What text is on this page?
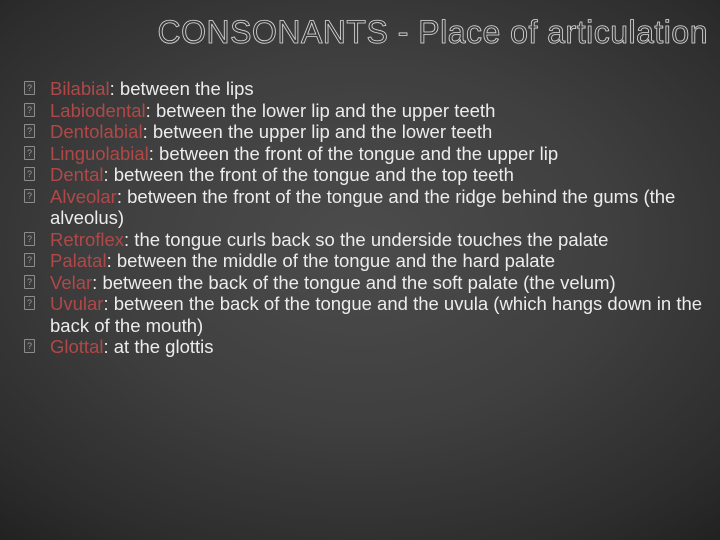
CONSONANTS - Place of articulation
? Bilabial: between the lips
? Labiodental: between the lower lip and the upper teeth
? Dentolabial: between the upper lip and the lower teeth
? Linguolabial: between the front of the tongue and the upper lip
? Dental: between the front of the tongue and the top teeth
? Alveolar: between the front of the tongue and the ridge behind the gums (the alveolus)
? Retroflex: the tongue curls back so the underside touches the palate
? Palatal: between the middle of the tongue and the hard palate
? Velar: between the back of the tongue and the soft palate (the velum)
? Uvular: between the back of the tongue and the uvula (which hangs down in the back of the mouth)
? Glottal: at the glottis
